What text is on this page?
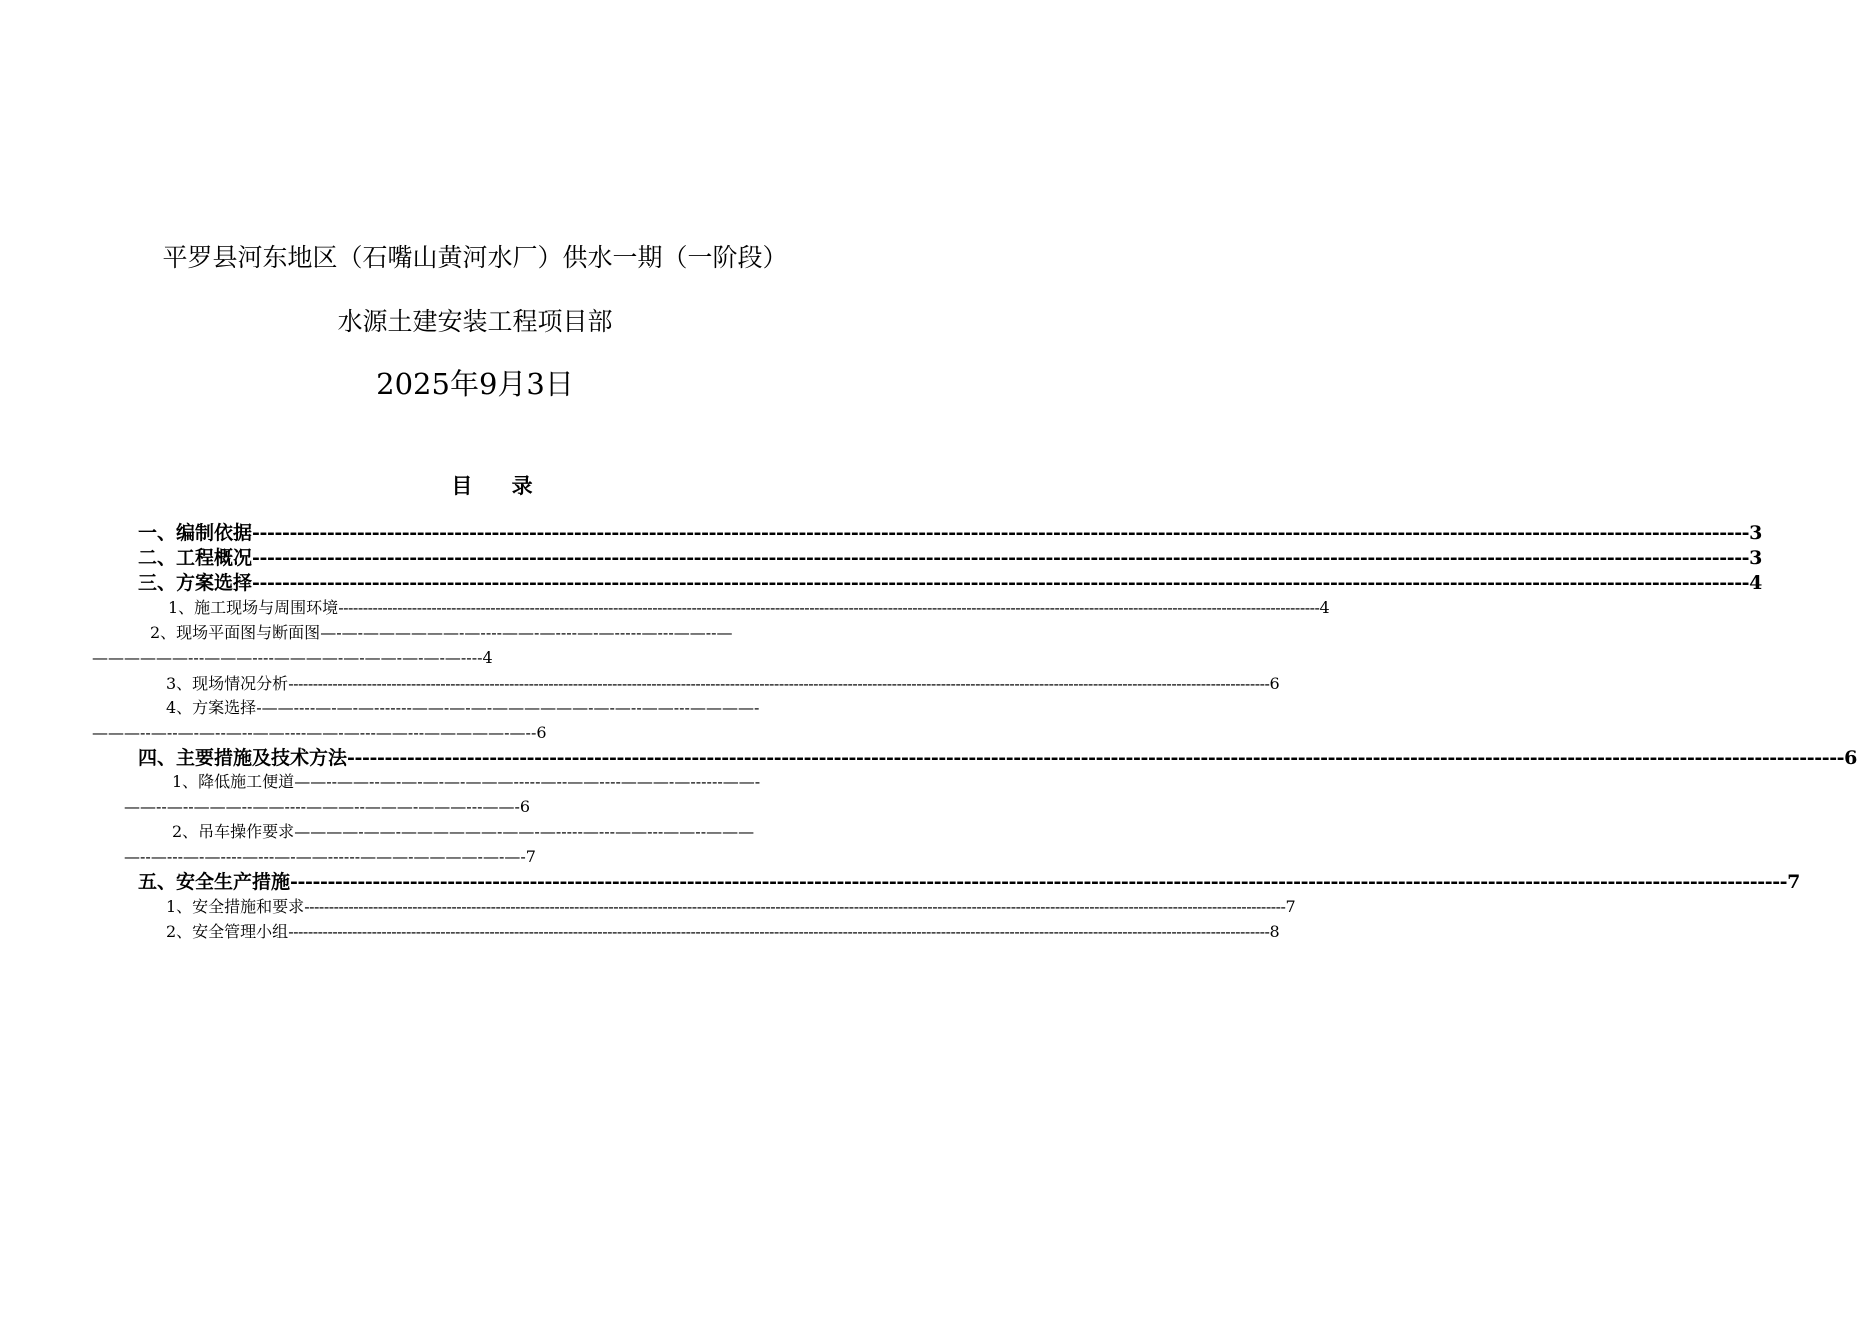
平罗县河东地区（石嘴山黄河水厂）供水一期（一阶段）
水源土建安装工程项目部
2025年9月3日
目 录
一、编制依据 -------------------------------------------------------------------------------------------------------------------------------------------------------------------------------------------------------- 3
二、工程概况 -------------------------------------------------------------------------------------------------------------------------------------------------------------------------------------------------------- 3
三、方案选择 -------------------------------------------------------------------------------------------------------------------------------------------------------------------------------------------------------- 4
1、施工现场与周围环境 -------------------------------------------------------------------------------------------------------------------------------------------------------------------------------------------------------- 4
2、现场平面图与断面图—-—-——————-—----——-—----—-—-----—---——--—
——————---———----————-—-——-—-—-—----4
3、现场情况分析 -------------------------------------------------------------------------------------------------------------------------------------------------------------------------------------------------------- 6
4、方案选择-——----—-—-—-------——-—-—-——————-—-—--——---————-
———--—--—-—--—--——----——-—---——---—————-—--6
四、主要措施及技术方法 -------------------------------------------------------------------------------------------------------------------------------------------------------------------------------------------------------- 6
1、降低施工便道——--——--—-—-—-—-———-----—--——----———-—------——-
——--—--———--——----———--———-———---——-6
2、吊车操作要求————-——-——————-——-—-----—---——---——--———
—--—---—-—----—---—-——------———-————-—-—-7
五、安全生产措施 -------------------------------------------------------------------------------------------------------------------------------------------------------------------------------------------------------- 7
1、安全措施和要求 -------------------------------------------------------------------------------------------------------------------------------------------------------------------------------------------------------- 7
2、安全管理小组 -------------------------------------------------------------------------------------------------------------------------------------------------------------------------------------------------------- 8
